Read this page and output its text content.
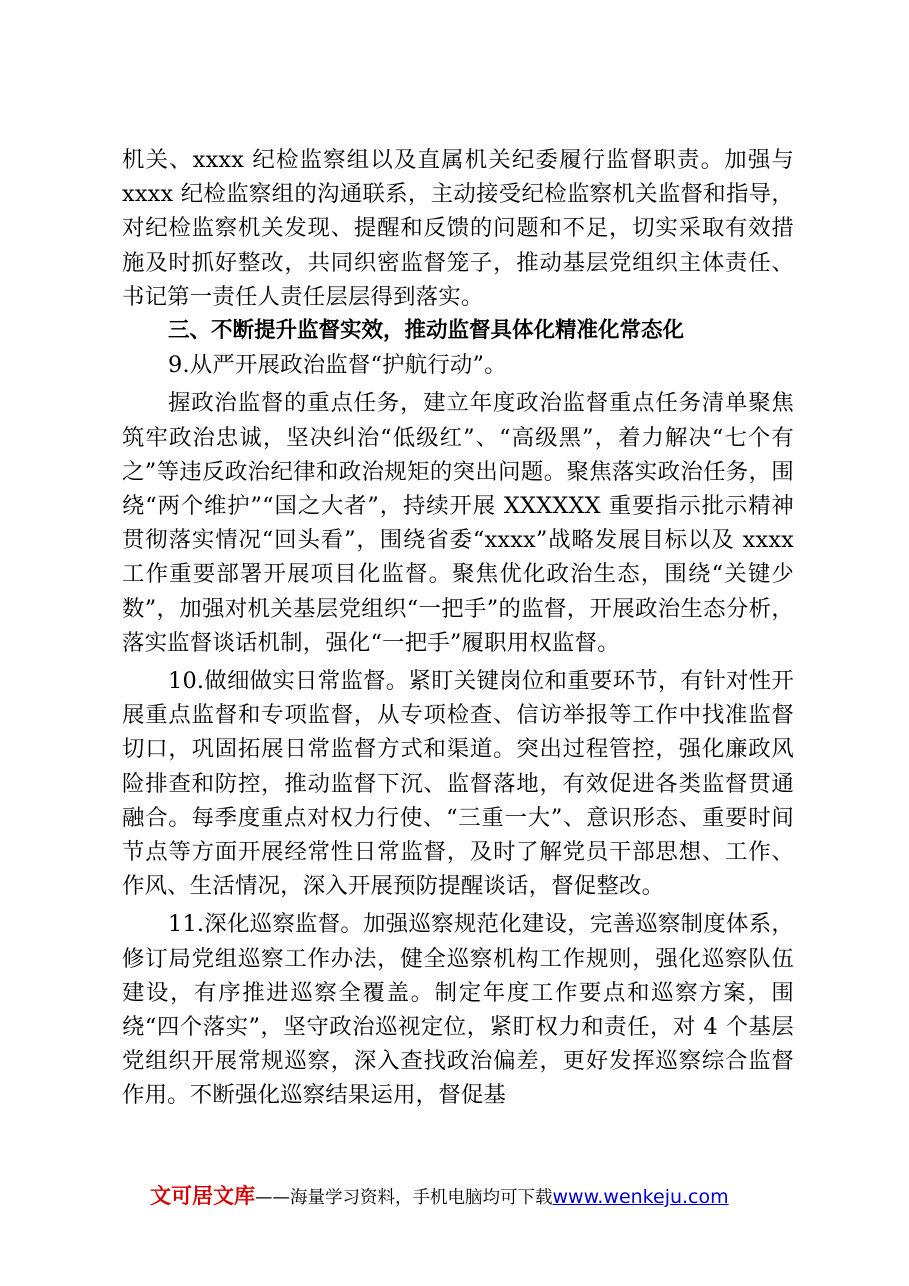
机关、xxxx 纪检监察组以及直属机关纪委履行监督职责。加强与 xxxx 纪检监察组的沟通联系，主动接受纪检监察机关监督和指导，对纪检监察机关发现、提醒和反馈的问题和不足，切实采取有效措施及时抓好整改，共同织密监督笼子，推动基层党组织主体责任、书记第一责任人责任层层得到落实。

三、不断提升监督实效，推动监督具体化精准化常态化

9.从严开展政治监督“护航行动”。

握政治监督的重点任务，建立年度政治监督重点任务清单聚焦筑牢政治忠诚，坚决纠治“低级红”、“高级黑”，着力解决“七个有之”等违反政治纪律和政治规矩的突出问题。聚焦落实政治任务，围绕“两个维护”“国之大者”，持续开展 XXXXXX 重要指示批示精神贯彻落实情况“回头看”，围绕省委“xxxx”战略发展目标以及 xxxx 工作重要部署开展项目化监督。聚焦优化政治生态，围绕“关键少数”，加强对机关基层党组织“一把手”的监督，开展政治生态分析，落实监督谈话机制，强化“一把手”履职用权监督。

10.做细做实日常监督。紧盯关键岗位和重要环节，有针对性开展重点监督和专项监督，从专项检查、信访举报等工作中找准监督切口，巩固拓展日常监督方式和渠道。突出过程管控，强化廉政风险排查和防控，推动监督下沉、监督落地，有效促进各类监督贯通融合。每季度重点对权力行使、“三重一大”、意识形态、重要时间节点等方面开展经常性日常监督，及时了解党员干部思想、工作、作风、生活情况，深入开展预防提醒谈话，督促整改。

11.深化巡察监督。加强巡察规范化建设，完善巡察制度体系，修订局党组巡察工作办法，健全巡察机构工作规则，强化巡察队伍建设，有序推进巡察全覆盖。制定年度工作要点和巡察方案，围绕“四个落实”，坚守政治巡视定位，紧盯权力和责任，对 4 个基层党组织开展常规巡察，深入查找政治偏差，更好发挥巡察综合监督作用。不断强化巡察结果运用，督促基

文可居文库——海量学习资料，手机电脑均可下载www.wenkeju.com
